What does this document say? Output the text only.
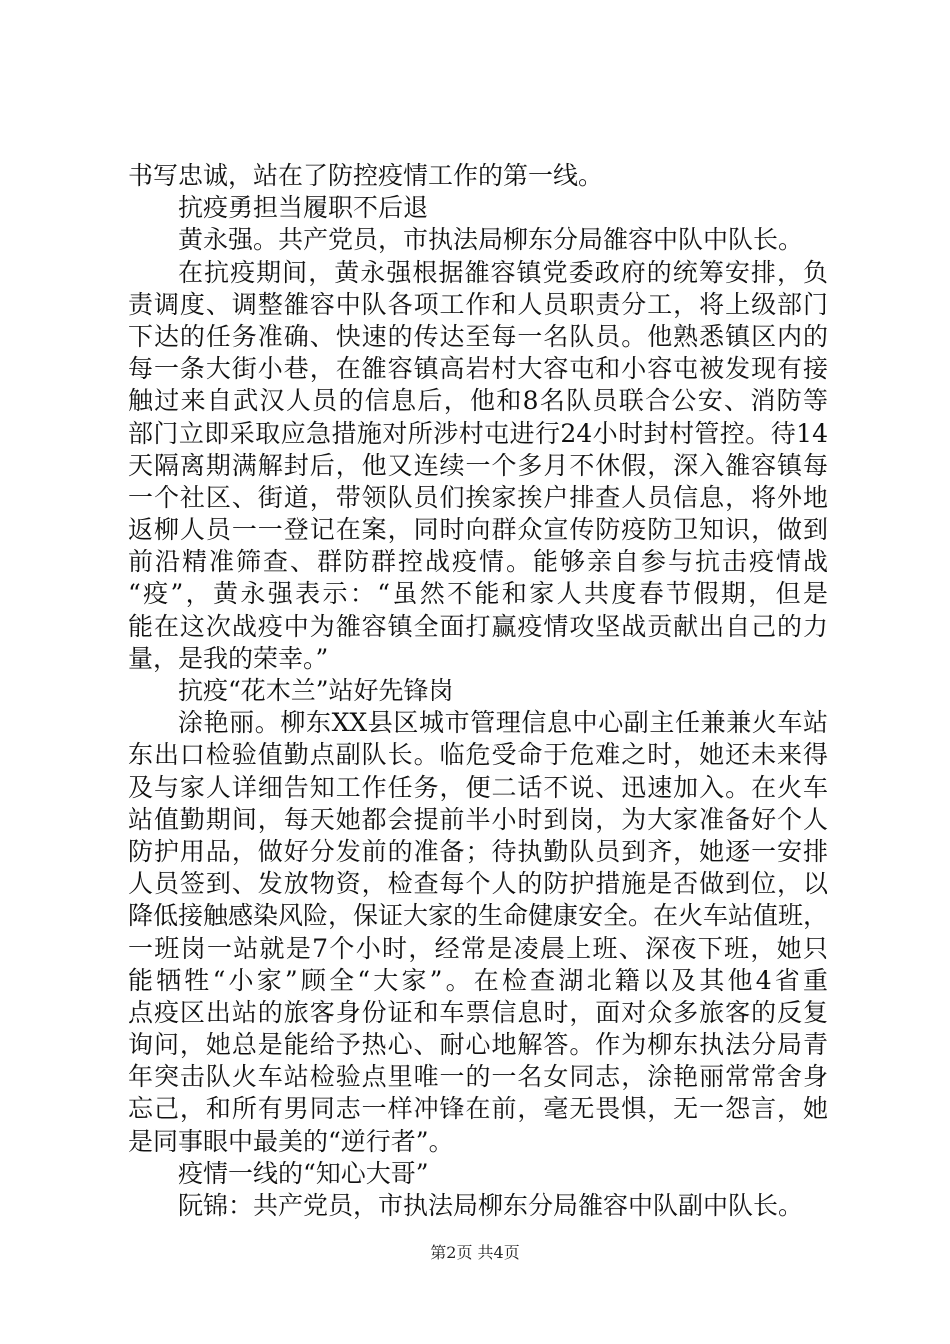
书写忠诚，站在了防控疫情工作的第一线。
抗疫勇担当履职不后退
黄永强。共产党员，市执法局柳东分局雒容中队中队长。
在抗疫期间，黄永强根据雒容镇党委政府的统筹安排，负
责调度、调整雒容中队各项工作和人员职责分工，将上级部门
下达的任务准确、快速的传达至每一名队员。他熟悉镇区内的
每一条大街小巷，在雒容镇高岩村大容屯和小容屯被发现有接
触过来自武汉人员的信息后，他和8名队员联合公安、消防等
部门立即采取应急措施对所涉村屯进行24小时封村管控。待14
天隔离期满解封后，他又连续一个多月不休假，深入雒容镇每
一个社区、街道，带领队员们挨家挨户排查人员信息，将外地
返柳人员一一登记在案，同时向群众宣传防疫防卫知识，做到
前沿精准筛查、群防群控战疫情。能够亲自参与抗击疫情战
“疫”，黄永强表示：“虽然不能和家人共度春节假期，但是
能在这次战疫中为雒容镇全面打赢疫情攻坚战贡献出自己的力
量，是我的荣幸。”
抗疫“花木兰”站好先锋岗
涂艳丽。柳东XX县区城市管理信息中心副主任兼兼火车站
东出口检验值勤点副队长。临危受命于危难之时，她还未来得
及与家人详细告知工作任务，便二话不说、迅速加入。在火车
站值勤期间，每天她都会提前半小时到岗，为大家准备好个人
防护用品，做好分发前的准备；待执勤队员到齐，她逐一安排
人员签到、发放物资，检查每个人的防护措施是否做到位，以
降低接触感染风险，保证大家的生命健康安全。在火车站值班，
一班岗一站就是7个小时，经常是凌晨上班、深夜下班，她只
能牺牲“小家”顾全“大家”。在检查湖北籍以及其他4省重
点疫区出站的旅客身份证和车票信息时，面对众多旅客的反复
询问，她总是能给予热心、耐心地解答。作为柳东执法分局青
年突击队火车站检验点里唯一的一名女同志，涂艳丽常常舍身
忘己，和所有男同志一样冲锋在前，毫无畏惧，无一怨言，她
是同事眼中最美的“逆行者”。
疫情一线的“知心大哥”
阮锦：共产党员，市执法局柳东分局雒容中队副中队长。
第2页 共4页
